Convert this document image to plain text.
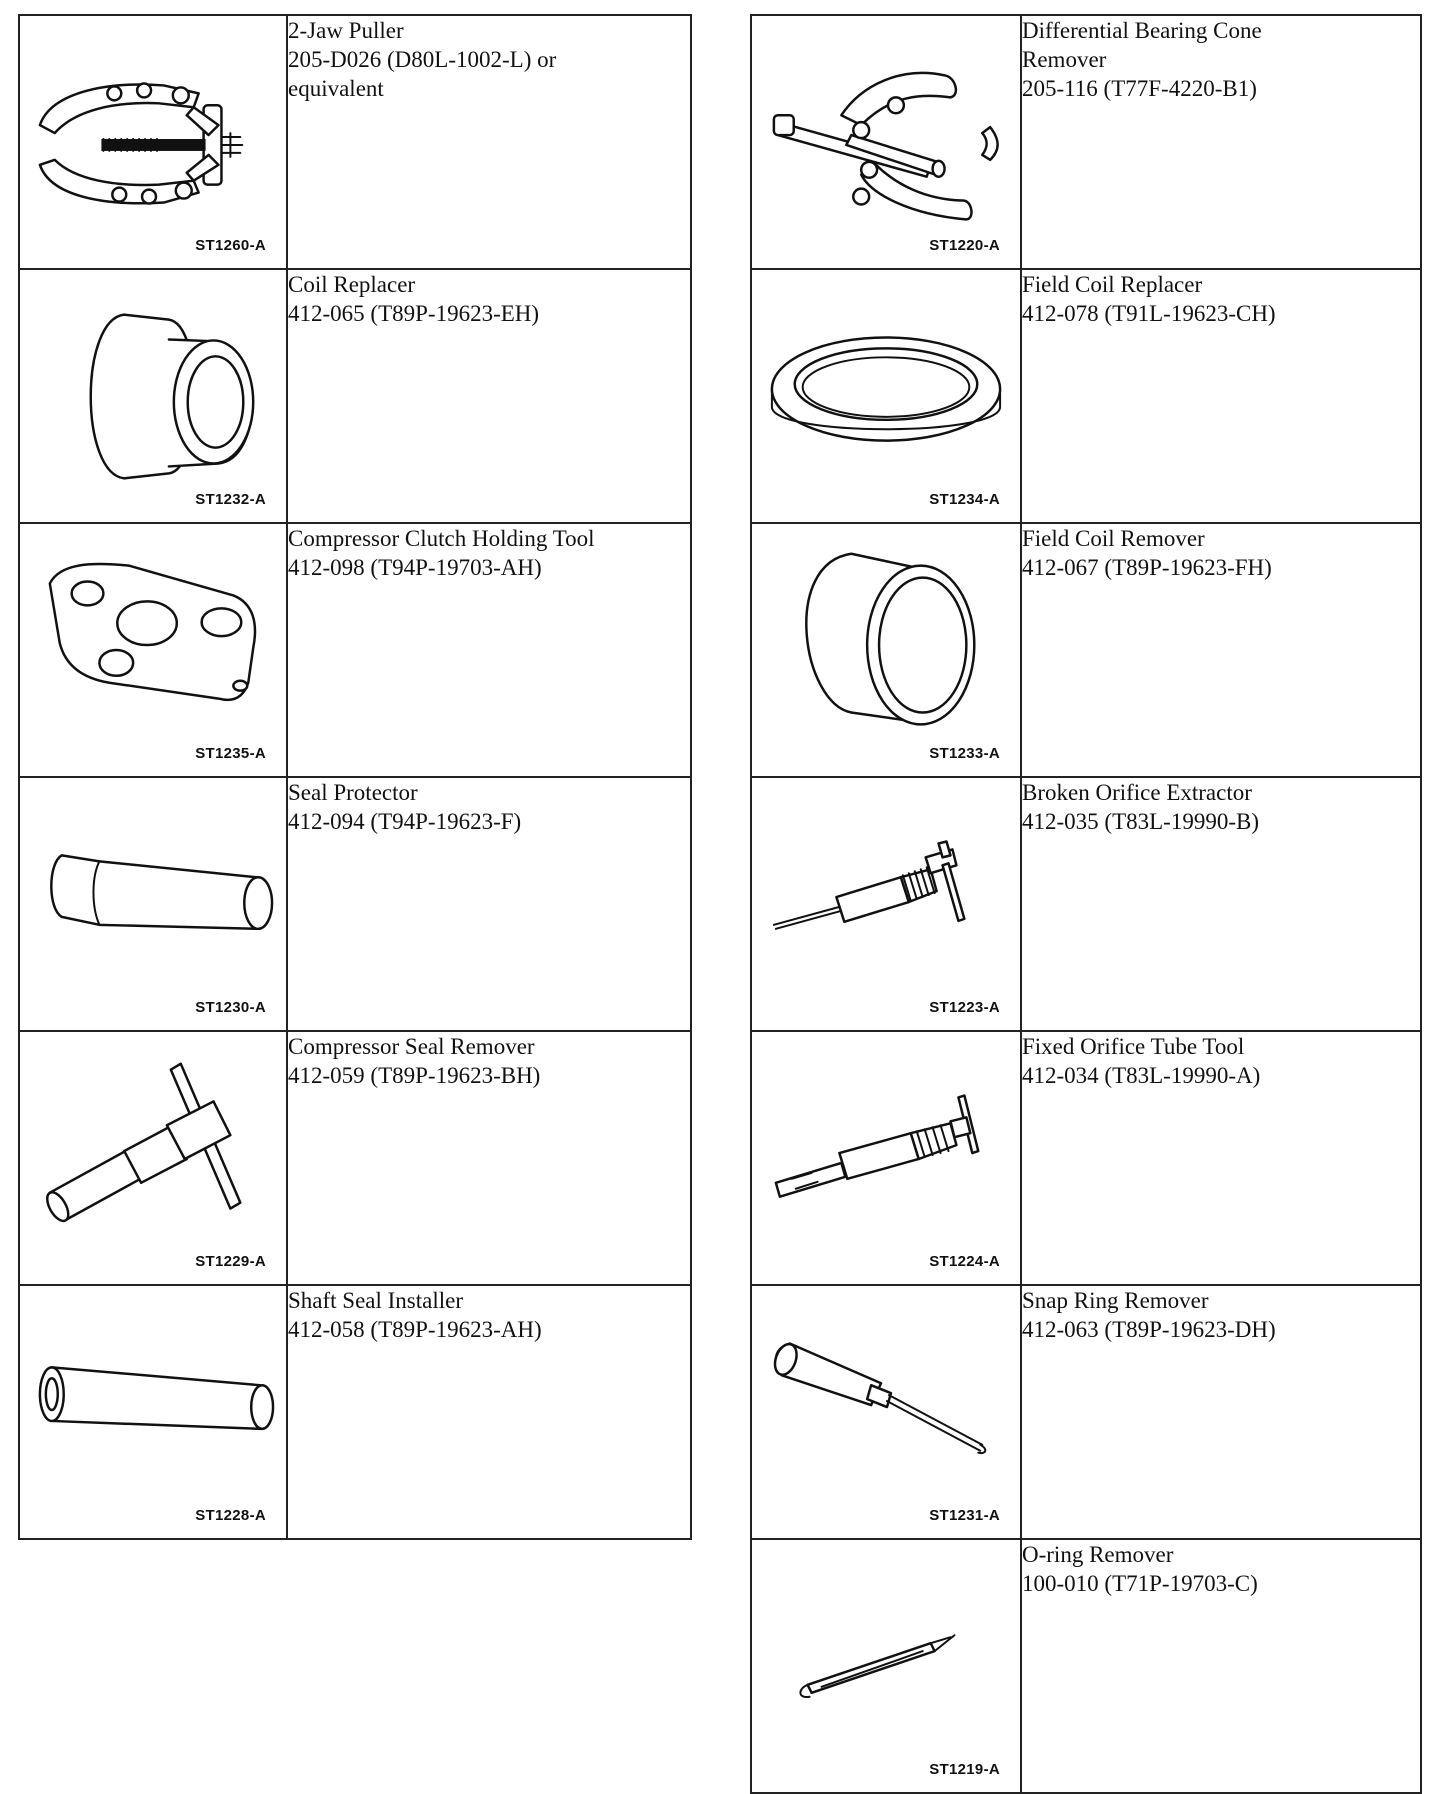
ST1260-A	2-Jaw Puller
205-D026 (D80L-1002-L) or
equivalent

ST1232-A	Coil Replacer
412-065 (T89P-19623-EH)

ST1235-A	Compressor Clutch Holding Tool
412-098 (T94P-19703-AH)

ST1230-A	Seal Protector
412-094 (T94P-19623-F)

ST1229-A	Compressor Seal Remover
412-059 (T89P-19623-BH)

ST1228-A	Shaft Seal Installer
412-058 (T89P-19623-AH)
ST1220-A	Differential Bearing Cone
Remover
205-116 (T77F-4220-B1)

ST1234-A	Field Coil Replacer
412-078 (T91L-19623-CH)

ST1233-A	Field Coil Remover
412-067 (T89P-19623-FH)

ST1223-A	Broken Orifice Extractor
412-035 (T83L-19990-B)

ST1224-A	Fixed Orifice Tube Tool
412-034 (T83L-19990-A)

ST1231-A	Snap Ring Remover
412-063 (T89P-19623-DH)

ST1219-A	O-ring Remover
100-010 (T71P-19703-C)
